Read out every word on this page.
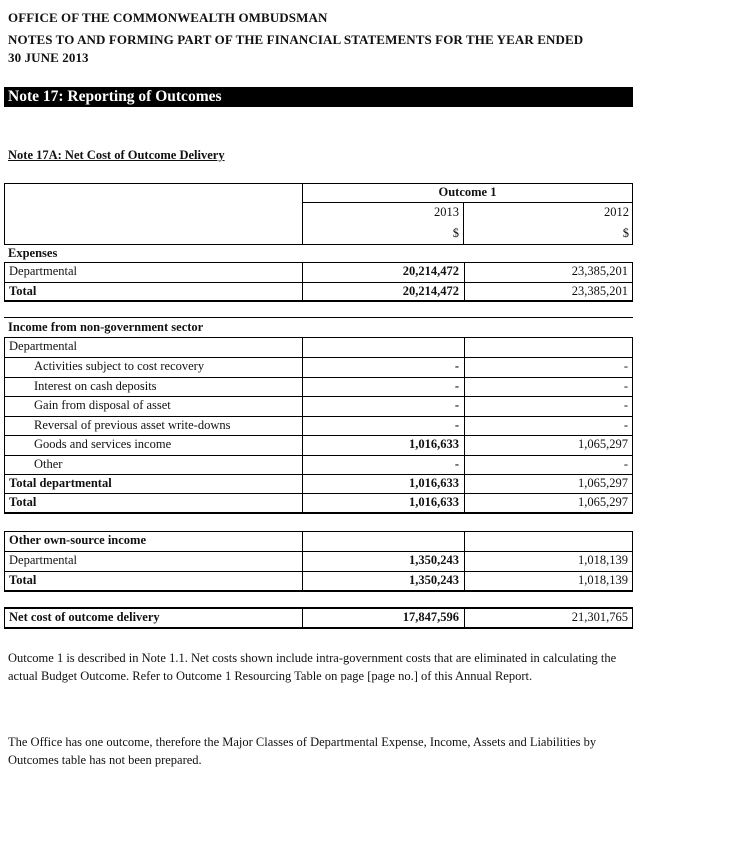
OFFICE OF THE COMMONWEALTH OMBUDSMAN
NOTES TO AND FORMING PART OF THE FINANCIAL STATEMENTS FOR THE YEAR ENDED
30 JUNE 2013
Note 17: Reporting of Outcomes
Note 17A: Net Cost of Outcome Delivery
Outcome 1
2013	2012
$	$
Expenses
Departmental	20,214,472	23,385,201
Total	20,214,472	23,385,201
Income from non-government sector
Departmental
Activities subject to cost recovery	-	-
Interest on cash deposits	-	-
Gain from disposal of asset	-	-
Reversal of previous asset write-downs	-	-
Goods and services income	1,016,633	1,065,297
Other	-	-
Total departmental	1,016,633	1,065,297
Total	1,016,633	1,065,297
Other own-source income
Departmental	1,350,243	1,018,139
Total	1,350,243	1,018,139
Net cost of outcome delivery	17,847,596	21,301,765
Outcome 1 is described in Note 1.1. Net costs shown include intra-government costs that are eliminated in calculating the actual Budget Outcome. Refer to Outcome 1 Resourcing Table on page [page no.] of this Annual Report.
The Office has one outcome, therefore the Major Classes of Departmental Expense, Income, Assets and Liabilities by Outcomes table has not been prepared.
